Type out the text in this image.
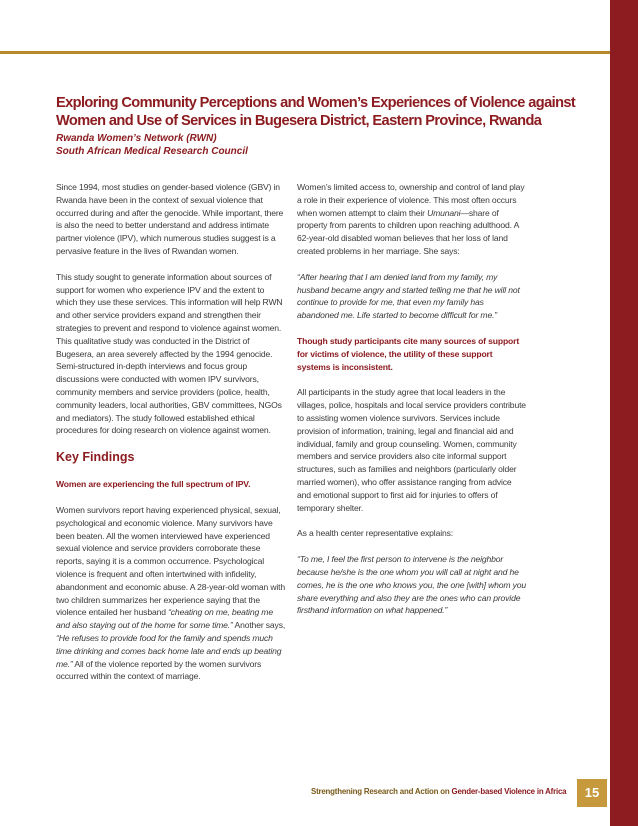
Exploring Community Perceptions and Women’s Experiences of Violence against Women and Use of Services in Bugesera District, Eastern Province, Rwanda
Rwanda Women’s Network (RWN)
South African Medical Research Council

Since 1994, most studies on gender-based violence (GBV) in Rwanda have been in the context of sexual violence that occurred during and after the genocide. While important, there is also the need to better understand and address intimate partner violence (IPV), which numerous studies suggest is a pervasive feature in the lives of Rwandan women.

This study sought to generate information about sources of support for women who experience IPV and the extent to which they use these services. This information will help RWN and other service providers expand and strengthen their strategies to prevent and respond to violence against women. This qualitative study was conducted in the District of Bugesera, an area severely affected by the 1994 genocide. Semi-structured in-depth interviews and focus group discussions were conducted with women IPV survivors, community members and service providers (police, health, community leaders, local authorities, GBV committees, NGOs and mediators). The study followed established ethical procedures for doing research on violence against women.

Key Findings

Women are experiencing the full spectrum of IPV.

Women survivors report having experienced physical, sexual, psychological and economic violence. Many survivors have been beaten. All the women interviewed have experienced sexual violence and service providers corroborate these reports, saying it is a common occurrence. Psychological violence is frequent and often intertwined with infidelity, abandonment and economic abuse. A 28-year-old woman with two children summarizes her experience saying that the violence entailed her husband “cheating on me, beating me and also staying out of the home for some time.” Another says, “He refuses to provide food for the family and spends much time drinking and comes back home late and ends up beating me.” All of the violence reported by the women survivors occurred within the context of marriage.

Women’s limited access to, ownership and control of land play a role in their experience of violence. This most often occurs when women attempt to claim their Umunani—share of property from parents to children upon reaching adulthood. A 62-year-old disabled woman believes that her loss of land created problems in her marriage. She says:

“After hearing that I am denied land from my family, my husband became angry and started telling me that he will not continue to provide for me, that even my family has abandoned me. Life started to become difficult for me.”

Though study participants cite many sources of support for victims of violence, the utility of these support systems is inconsistent.

All participants in the study agree that local leaders in the villages, police, hospitals and local service providers contribute to assisting women violence survivors. Services include provision of information, training, legal and financial aid and individual, family and group counseling. Women, community members and service providers also cite informal support structures, such as families and neighbors (particularly older married women), who offer assistance ranging from advice and emotional support to first aid for injuries to offers of temporary shelter.

As a health center representative explains:

“To me, I feel the first person to intervene is the neighbor because he/she is the one whom you will call at night and he comes, he is the one who knows you, the one [with] whom you share everything and also they are the ones who can provide firsthand information on what happened.”

Strengthening Research and Action on Gender-based Violence in Africa	15
